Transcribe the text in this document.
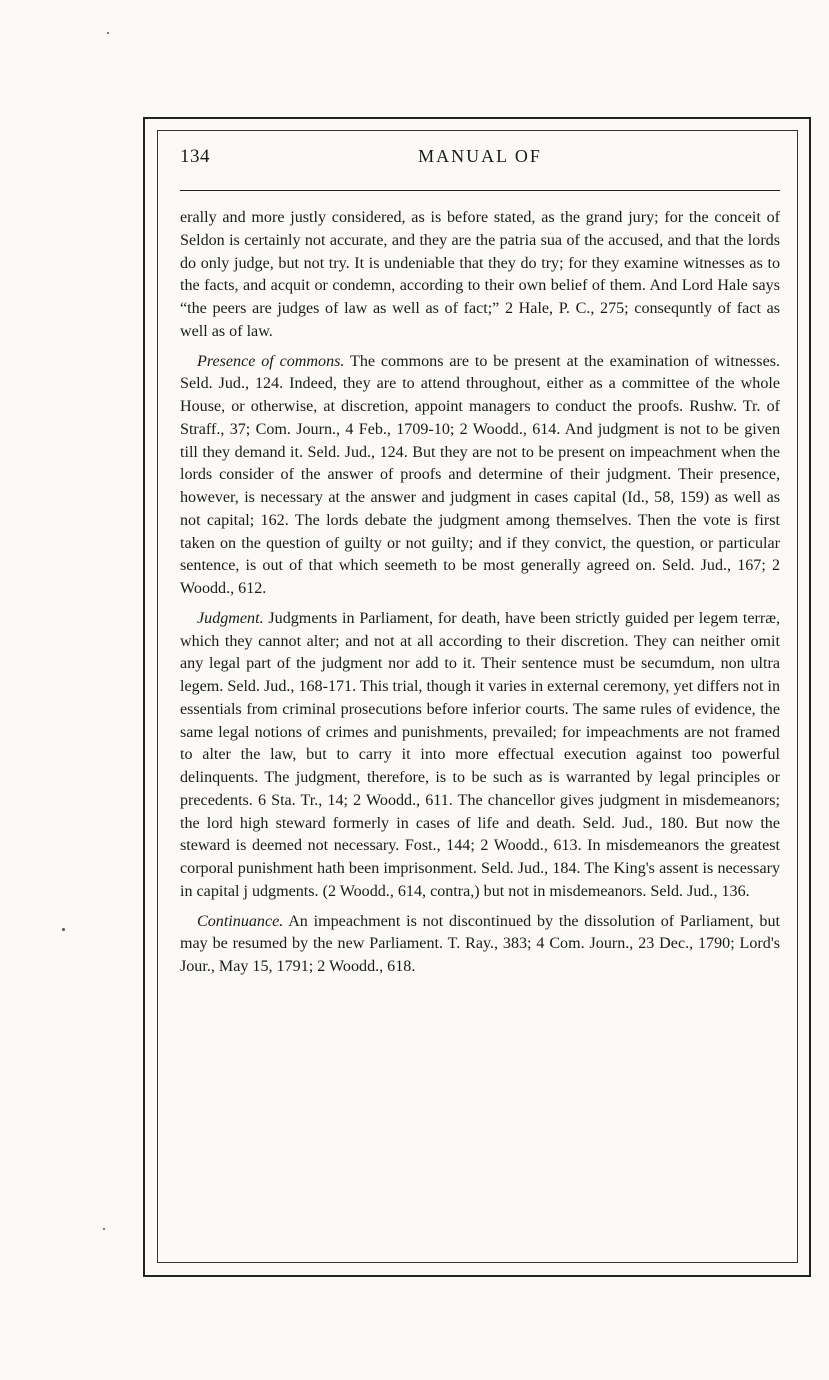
134	MANUAL OF

erally and more justly considered, as is before stated, as the grand jury; for the conceit of Seldon is certainly not accurate, and they are the patria sua of the accused, and that the lords do only judge, but not try. It is undeniable that they do try; for they examine witnesses as to the facts, and acquit or condemn, according to their own belief of them. And Lord Hale says “the peers are judges of law as well as of fact;” 2 Hale, P. C., 275; consequntly of fact as well as of law.

Presence of commons. The commons are to be present at the examination of witnesses. Seld. Jud., 124. Indeed, they are to attend throughout, either as a committee of the whole House, or otherwise, at discretion, appoint managers to conduct the proofs. Rushw. Tr. of Straff., 37; Com. Journ., 4 Feb., 1709-10; 2 Woodd., 614. And judgment is not to be given till they demand it. Seld. Jud., 124. But they are not to be present on impeachment when the lords consider of the answer of proofs and determine of their judgment. Their presence, however, is necessary at the answer and judgment in cases capital (Id., 58, 159) as well as not capital; 162. The lords debate the judgment among themselves. Then the vote is first taken on the question of guilty or not guilty; and if they convict, the question, or particular sentence, is out of that which seemeth to be most generally agreed on. Seld. Jud., 167; 2 Woodd., 612.

Judgment. Judgments in Parliament, for death, have been strictly guided per legem terræ, which they cannot alter; and not at all according to their discretion. They can neither omit any legal part of the judgment nor add to it. Their sentence must be secumdum, non ultra legem. Seld. Jud., 168-171. This trial, though it varies in external ceremony, yet differs not in essentials from criminal prosecutions before inferior courts. The same rules of evidence, the same legal notions of crimes and punishments, prevailed; for impeachments are not framed to alter the law, but to carry it into more effectual execution against too powerful delinquents. The judgment, therefore, is to be such as is warranted by legal principles or precedents. 6 Sta. Tr., 14; 2 Woodd., 611. The chancellor gives judgment in misdemeanors; the lord high steward formerly in cases of life and death. Seld. Jud., 180. But now the steward is deemed not necessary. Fost., 144; 2 Woodd., 613. In misdemeanors the greatest corporal punishment hath been imprisonment. Seld. Jud., 184. The King's assent is necessary in capital j udgments. (2 Woodd., 614, contra,) but not in misdemeanors. Seld. Jud., 136.

Continuance. An impeachment is not discontinued by the dissolution of Parliament, but may be resumed by the new Parliament. T. Ray., 383; 4 Com. Journ., 23 Dec., 1790; Lord's Jour., May 15, 1791; 2 Woodd., 618.
